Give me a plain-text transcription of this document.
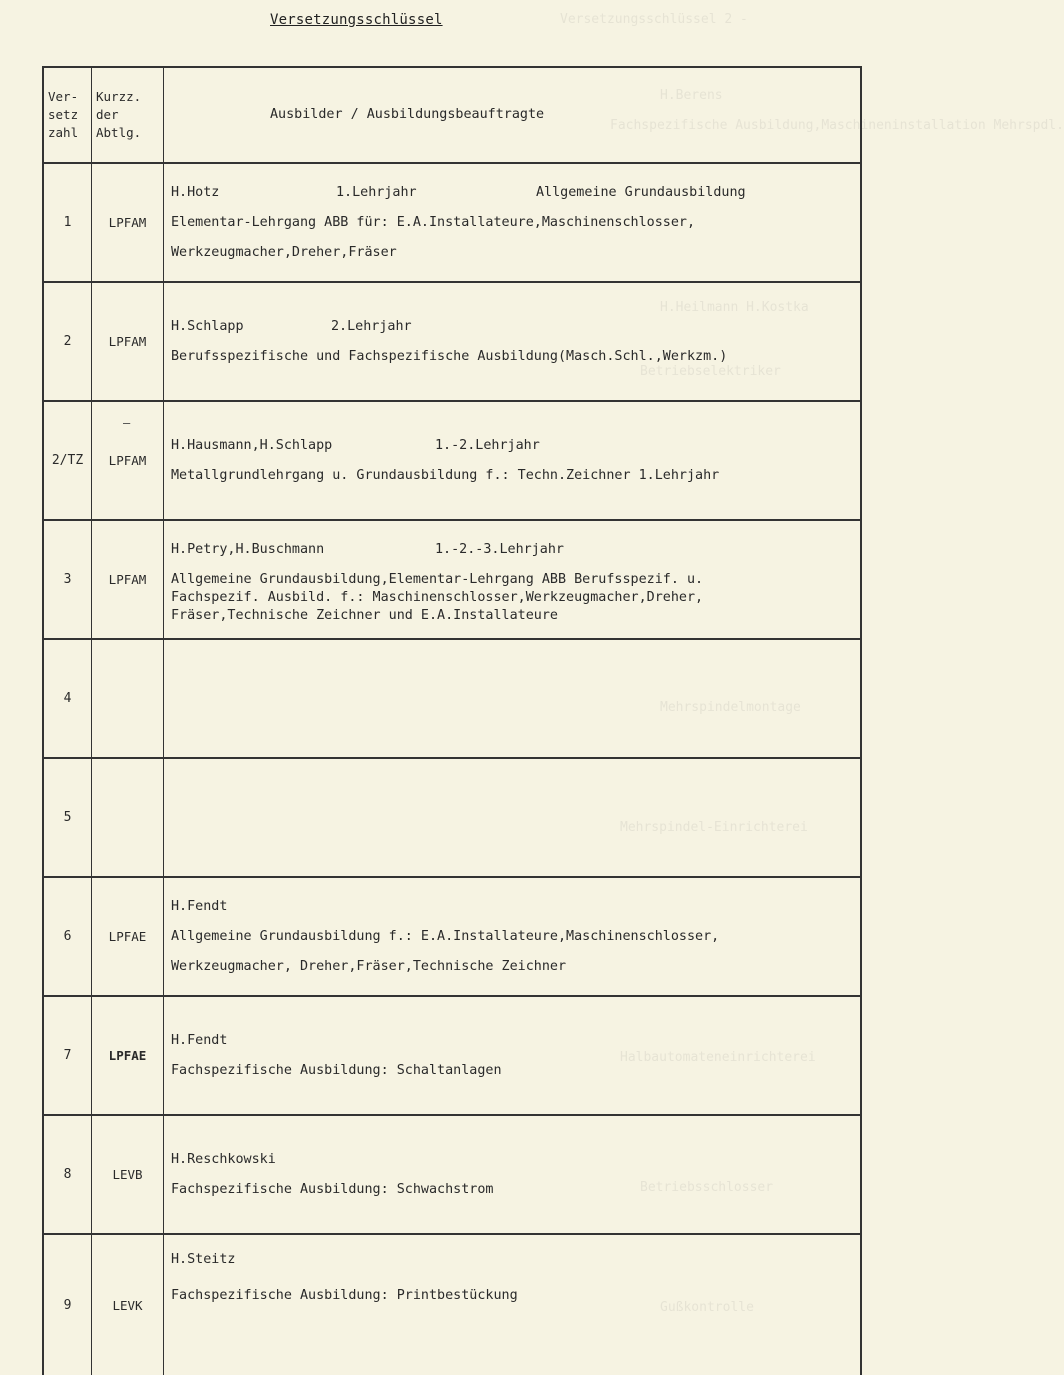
Versetzungsschlüssel 2 -
H.Berens
Fachspezifische Ausbildung,Maschineninstallation Mehrspdl.
H.Heilmann H.Kostka
Betriebselektriker
Mehrspindelmontage
Mehrspindel-Einrichterei
Halbautomateneinrichterei
Betriebsschlosser
Gußkontrolle
Versetzungsschlüssel
Ver-
setz
zahl
Kurzz.
der
Abtlg.
Ausbilder / Ausbildungsbeauftragte
1	LPFAM
H.Hotz	1.Lehrjahr	Allgemeine Grundausbildung
Elementar-Lehrgang ABB für: E.A.Installateure,Maschinenschlosser,
Werkzeugmacher,Dreher,Fräser
2	LPFAM
H.Schlapp	2.Lehrjahr
Berufsspezifische und Fachspezifische Ausbildung(Masch.Schl.,Werkzm.)
2/TZ	LPFAM
H.Hausmann,H.Schlapp	1.-2.Lehrjahr
Metallgrundlehrgang u. Grundausbildung f.: Techn.Zeichner 1.Lehrjahr
3	LPFAM
H.Petry,H.Buschmann	1.-2.-3.Lehrjahr
Allgemeine Grundausbildung,Elementar-Lehrgang ABB Berufsspezif. u.
Fachspezif. Ausbild. f.: Maschinenschlosser,Werkzeugmacher,Dreher,
Fräser,Technische Zeichner und E.A.Installateure
4
5
6	LPFAE
H.Fendt
Allgemeine Grundausbildung f.: E.A.Installateure,Maschinenschlosser,
Werkzeugmacher, Dreher,Fräser,Technische Zeichner
7	LPFAE
H.Fendt
Fachspezifische Ausbildung: Schaltanlagen
8	LEVB
H.Reschkowski
Fachspezifische Ausbildung: Schwachstrom
9	LEVK
H.Steitz
Fachspezifische Ausbildung: Printbestückung
—
